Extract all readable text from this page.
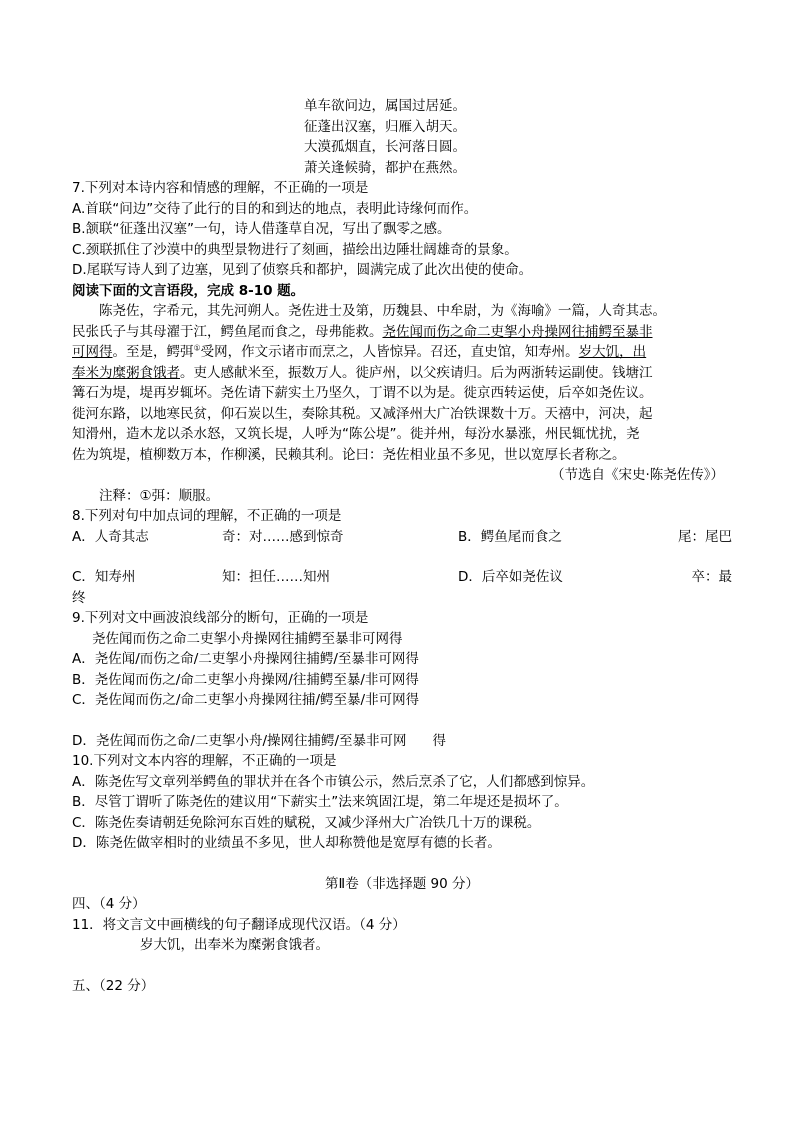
单车欲问边，属国过居延。
征蓬出汉塞，归雁入胡天。
大漠孤烟直，长河落日圆。
萧关逢候骑，都护在燕然。
7.下列对本诗内容和情感的理解，不正确的一项是
A.首联“问边”交待了此行的目的和到达的地点，表明此诗缘何而作。
B.颔联“征蓬出汉塞”一句，诗人借蓬草自况，写出了飘零之感。
C.颈联抓住了沙漠中的典型景物进行了刻画，描绘出边陲壮阔雄奇的景象。
D.尾联写诗人到了边塞，见到了侦察兵和都护，圆满完成了此次出使的使命。
阅读下面的文言语段，完成 8-10 题。
陈尧佐，字希元，其先河朔人。尧佐进士及第，历魏县、中牟尉，为《海喻》一篇，人奇其志。
民张氏子与其母濯于江，鳄鱼尾而食之，母弗能救。尧佐闻而伤之命二吏挐小舟操网往捕鳄至暴非
可网得。至是，鳄弭①受网，作文示诸市而烹之，人皆惊异。召还，直史馆，知寿州。岁大饥，出
奉米为糜粥食饿者。吏人感献米至，振数万人。徙庐州，以父疾请归。后为两浙转运副使。钱塘江
篝石为堤，堤再岁辄坏。尧佐请下薪实土乃坚久，丁谓不以为是。徙京西转运使，后卒如尧佐议。
徙河东路，以地寒民贫，仰石炭以生，奏除其税。又减泽州大广冶铁课数十万。天禧中，河决，起
知滑州，造木龙以杀水怒，又筑长堤，人呼为“陈公堤”。徙并州，每汾水暴涨，州民辄忧扰，尧
佐为筑堤，植柳数万本，作柳溪，民赖其利。论曰：尧佐相业虽不多见，世以宽厚长者称之。
（节选自《宋史·陈尧佐传》）
注释：①弭：顺服。
8.下列对句中加点词的理解，不正确的一项是
A．人奇其志	奇：对……感到惊奇	B．鳄鱼尾而食之	尾：尾巴
C．知寿州	知：担任……知州	D．后卒如尧佐议	卒：最
终
9.下列对文中画波浪线部分的断句，正确的一项是
尧佐闻而伤之命二吏挐小舟操网往捕鳄至暴非可网得
A．尧佐闻/而伤之命/二吏挐小舟操网往捕鳄/至暴非可网得
B．尧佐闻而伤之/命二吏挐小舟操网/往捕鳄至暴/非可网得
C．尧佐闻而伤之/命二吏挐小舟操网往捕/鳄至暴/非可网得
D．尧佐闻而伤之命/二吏挐小舟/操网往捕鳄/至暴非可网 得
10.下列对文本内容的理解，不正确的一项是
A．陈尧佐写文章列举鳄鱼的罪状并在各个市镇公示，然后烹杀了它，人们都感到惊异。
B．尽管丁谓听了陈尧佐的建议用“下薪实土”法来筑固江堤，第二年堤还是损坏了。
C．陈尧佐奏请朝廷免除河东百姓的赋税，又减少泽州大广冶铁几十万的课税。
D．陈尧佐做宰相时的业绩虽不多见，世人却称赞他是宽厚有德的长者。
第Ⅱ卷（非选择题 90 分）
四、（4 分）
11．将文言文中画横线的句子翻译成现代汉语。（4 分）
岁大饥，出奉米为糜粥食饿者。
五、（22 分）
